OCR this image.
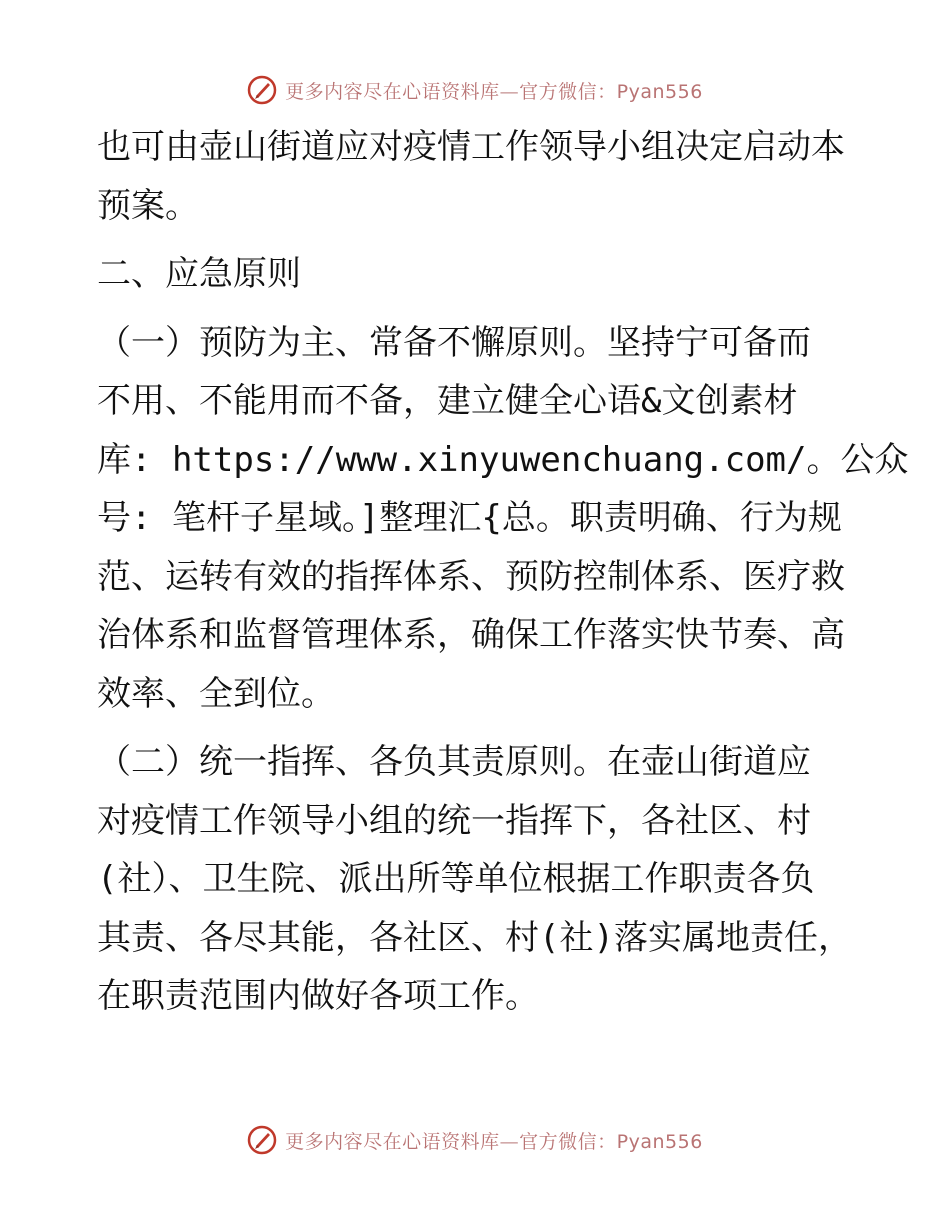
更多内容尽在心语资料库—官方微信：Pyan556
也可由壶山街道应对疫情工作领导小组决定启动本
预案。
二、应急原则
（一）预防为主、常备不懈原则。坚持宁可备而
不用、不能用而不备，建立健全心语&文创素材
库: https://www.xinyuwenchuang.com/。公众
号: 笔杆子星域。]整理汇{总。职责明确、行为规
范、运转有效的指挥体系、预防控制体系、医疗救
治体系和监督管理体系，确保工作落实快节奏、高
效率、全到位。
（二）统一指挥、各负其责原则。在壶山街道应
对疫情工作领导小组的统一指挥下，各社区、村
(社）、卫生院、派出所等单位根据工作职责各负
其责、各尽其能，各社区、村(社)落实属地责任，
在职责范围内做好各项工作。
更多内容尽在心语资料库—官方微信：Pyan556
